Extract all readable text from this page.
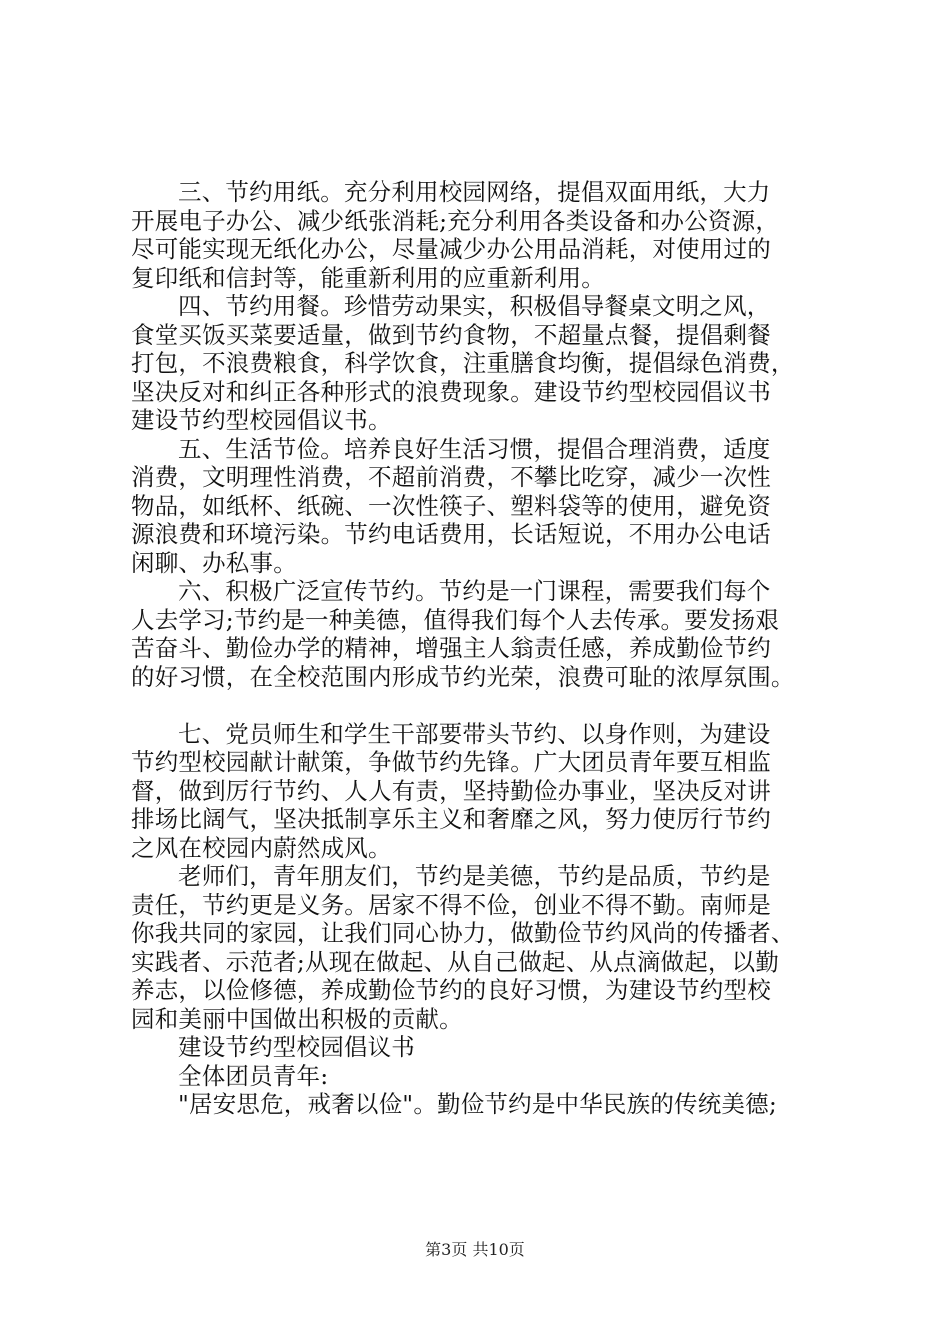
三、节约用纸。充分利用校园网络，提倡双面用纸，大力
开展电子办公、减少纸张消耗;充分利用各类设备和办公资源，
尽可能实现无纸化办公，尽量减少办公用品消耗，对使用过的
复印纸和信封等，能重新利用的应重新利用。
四、节约用餐。珍惜劳动果实，积极倡导餐桌文明之风，
食堂买饭买菜要适量，做到节约食物，不超量点餐，提倡剩餐
打包，不浪费粮食，科学饮食，注重膳食均衡，提倡绿色消费，
坚决反对和纠正各种形式的浪费现象。建设节约型校园倡议书
建设节约型校园倡议书。
五、生活节俭。培养良好生活习惯，提倡合理消费，适度
消费，文明理性消费，不超前消费，不攀比吃穿，减少一次性
物品，如纸杯、纸碗、一次性筷子、塑料袋等的使用，避免资
源浪费和环境污染。节约电话费用，长话短说，不用办公电话
闲聊、办私事。
六、积极广泛宣传节约。节约是一门课程，需要我们每个
人去学习;节约是一种美德，值得我们每个人去传承。要发扬艰
苦奋斗、勤俭办学的精神，增强主人翁责任感，养成勤俭节约
的好习惯，在全校范围内形成节约光荣，浪费可耻的浓厚氛围。
七、党员师生和学生干部要带头节约、以身作则，为建设
节约型校园献计献策，争做节约先锋。广大团员青年要互相监
督，做到厉行节约、人人有责，坚持勤俭办事业，坚决反对讲
排场比阔气，坚决抵制享乐主义和奢靡之风，努力使厉行节约
之风在校园内蔚然成风。
老师们，青年朋友们，节约是美德，节约是品质，节约是
责任，节约更是义务。居家不得不俭，创业不得不勤。南师是
你我共同的家园，让我们同心协力，做勤俭节约风尚的传播者、
实践者、示范者;从现在做起、从自己做起、从点滴做起，以勤
养志，以俭修德，养成勤俭节约的良好习惯，为建设节约型校
园和美丽中国做出积极的贡献。
建设节约型校园倡议书
全体团员青年:
"居安思危，戒奢以俭"。勤俭节约是中华民族的传统美德;
第3页 共10页
